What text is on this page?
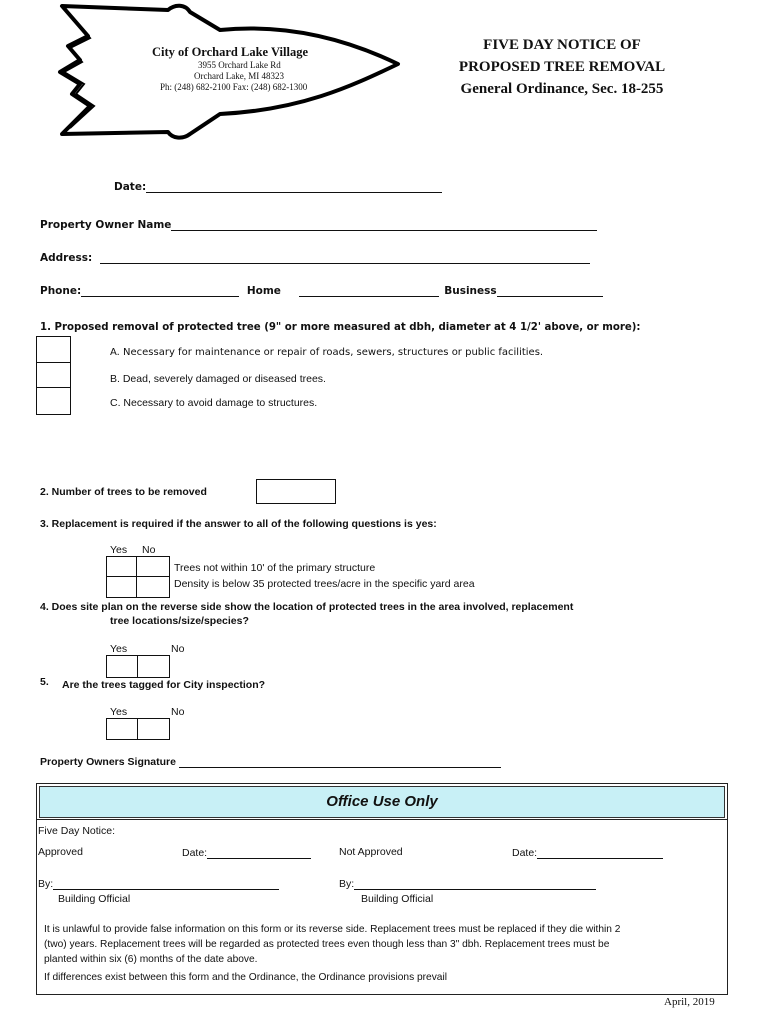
City of Orchard Lake Village
3955 Orchard Lake Rd
Orchard Lake, MI 48323
Ph: (248) 682-2100 Fax: (248) 682-1300
FIVE DAY NOTICE OF
PROPOSED TREE REMOVAL
General Ordinance, Sec. 18-255
Date:
Property Owner Name
Address:
Phone:	Home	Business
1. Proposed removal of protected tree (9" or more measured at dbh, diameter at 4 1/2' above, or more):
A. Necessary for maintenance or repair of roads, sewers, structures or public facilities.
B. Dead, severely damaged or diseased trees.
C. Necessary to avoid damage to structures.
2. Number of trees to be removed
3. Replacement is required if the answer to all of the following questions is yes:
Yes No
Trees not within 10' of the primary structure
Density is below 35 protected trees/acre in the specific yard area
4. Does site plan on the reverse side show the location of protected trees in the area involved, replacement
tree locations/size/species?
Yes	No
5. Are the trees tagged for City inspection?
Yes	No
Property Owners Signature
Office Use Only
Five Day Notice:
Approved	Date:	Not Approved	Date:
By:
Building Official
By:
Building Official
It is unlawful to provide false information on this form or its reverse side. Replacement trees must be replaced if they die within 2
(two) years. Replacement trees will be regarded as protected trees even though less than 3" dbh. Replacement trees must be
planted within six (6) months of the date above.
If differences exist between this form and the Ordinance, the Ordinance provisions prevail
April, 2019
